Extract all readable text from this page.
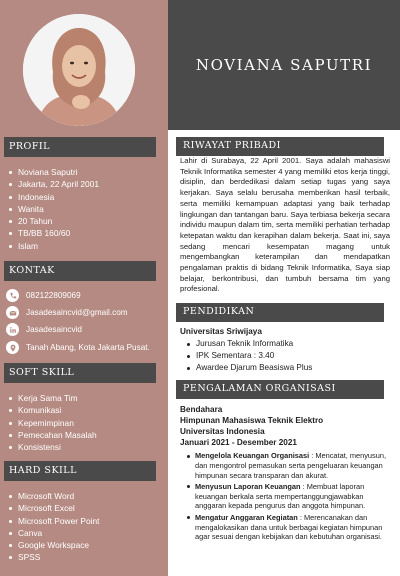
PROFIL
Noviana Saputri
Jakarta, 22 April 2001
Indonesia
Wanita
20 Tahun
TB/BB 160/60
Islam
KONTAK
082122809069
Jasadesaincvid@gmail.com
Jasadesaincvid
Tanah Abang, Kota Jakarta Pusat.
SOFT SKILL
Kerja Sama Tim
Komunikasi
Kepemimpinan
Pemecahan Masalah
Konsistensi
HARD SKILL
Microsoft Word
Microsoft Excel
Microsoft Power Point
Canva
Google Workspace
SPSS
NOVIANA SAPUTRI
RIWAYAT PRIBADI

Lahir di Surabaya, 22 April 2001. Saya adalah mahasiswi Teknik Informatika semester 4 yang memiliki etos kerja tinggi, disiplin, dan berdedikasi dalam setiap tugas yang saya kerjakan. Saya selalu berusaha memberikan hasil terbaik, serta memiliki kemampuan adaptasi yang baik terhadap lingkungan dan tantangan baru. Saya terbiasa bekerja secara individu maupun dalam tim, serta memiliki perhatian terhadap ketepatan waktu dan kerapihan dalam bekerja. Saat ini, saya sedang mencari kesempatan magang untuk mengembangkan keterampilan dan mendapatkan pengalaman praktis di bidang Teknik Informatika, Saya siap belajar, berkontribusi, dan tumbuh bersama tim yang profesional.

PENDIDIKAN
Universitas Sriwijaya
Jurusan Teknik Informatika
IPK Sementara : 3.40
Awardee Djarum Beasiswa Plus
PENGALAMAN ORGANISASI
Bendahara
Himpunan Mahasiswa Teknik Elektro
Universitas Indonesia
Januari 2021 - Desember 2021
Mengelola Keuangan Organisasi : Mencatat, menyusun, dan mengontrol pemasukan serta pengeluaran keuangan himpunan secara transparan dan akurat.
Menyusun Laporan Keuangan : Membuat laporan keuangan berkala serta mempertanggungjawabkan anggaran kepada pengurus dan anggota himpunan.
Mengatur Anggaran Kegiatan : Merencanakan dan mengalokasikan dana untuk berbagai kegiatan himpunan agar sesuai dengan kebijakan dan kebutuhan organisasi.
